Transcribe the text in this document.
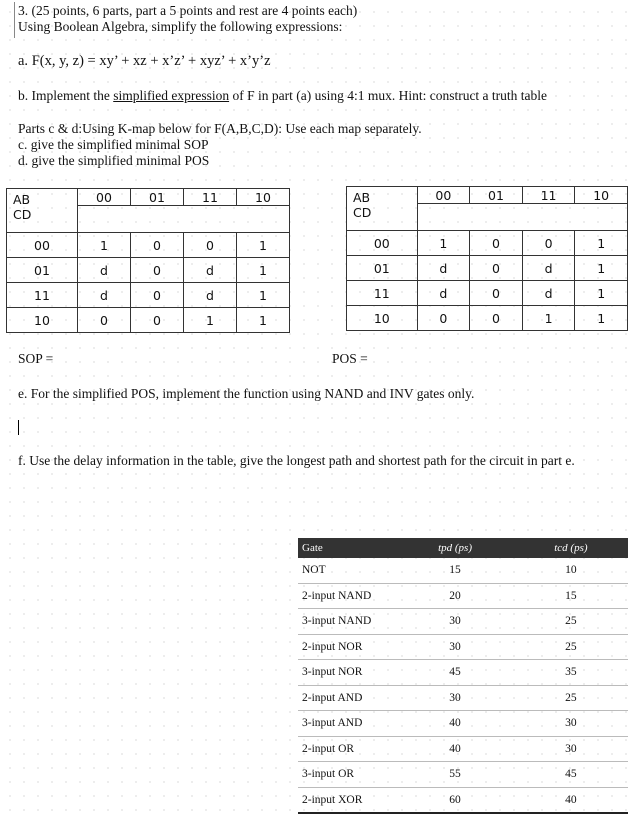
3. (25 points, 6 parts, part a 5 points and rest are 4 points each)
Using Boolean Algebra, simplify the following expressions:
a. F(x, y, z) = xy’ + xz + x’z’ + xyz’ + x’y’z
b. Implement the simplified expression of F in part (a) using 4:1 mux. Hint: construct a truth table
Parts c & d:Using K-map below for F(A,B,C,D): Use each map separately.
c. give the simplified minimal SOP
d. give the simplified minimal POS
AB
CD	00	01	11	10

00	1	0	0	1
01	d	0	d	1
11	d	0	d	1
10	0	0	1	1
AB
CD	00	01	11	10

00	1	0	0	1
01	d	0	d	1
11	d	0	d	1
10	0	0	1	1
SOP =	POS =
e. For the simplified POS, implement the function using NAND and INV gates only.
f. Use the delay information in the table, give the longest path and shortest path for the circuit in part e.
Gate	tpd (ps)	tcd (ps)
NOT	15	10
2-input NAND	20	15
3-input NAND	30	25
2-input NOR	30	25
3-input NOR	45	35
2-input AND	30	25
3-input AND	40	30
2-input OR	40	30
3-input OR	55	45
2-input XOR	60	40
